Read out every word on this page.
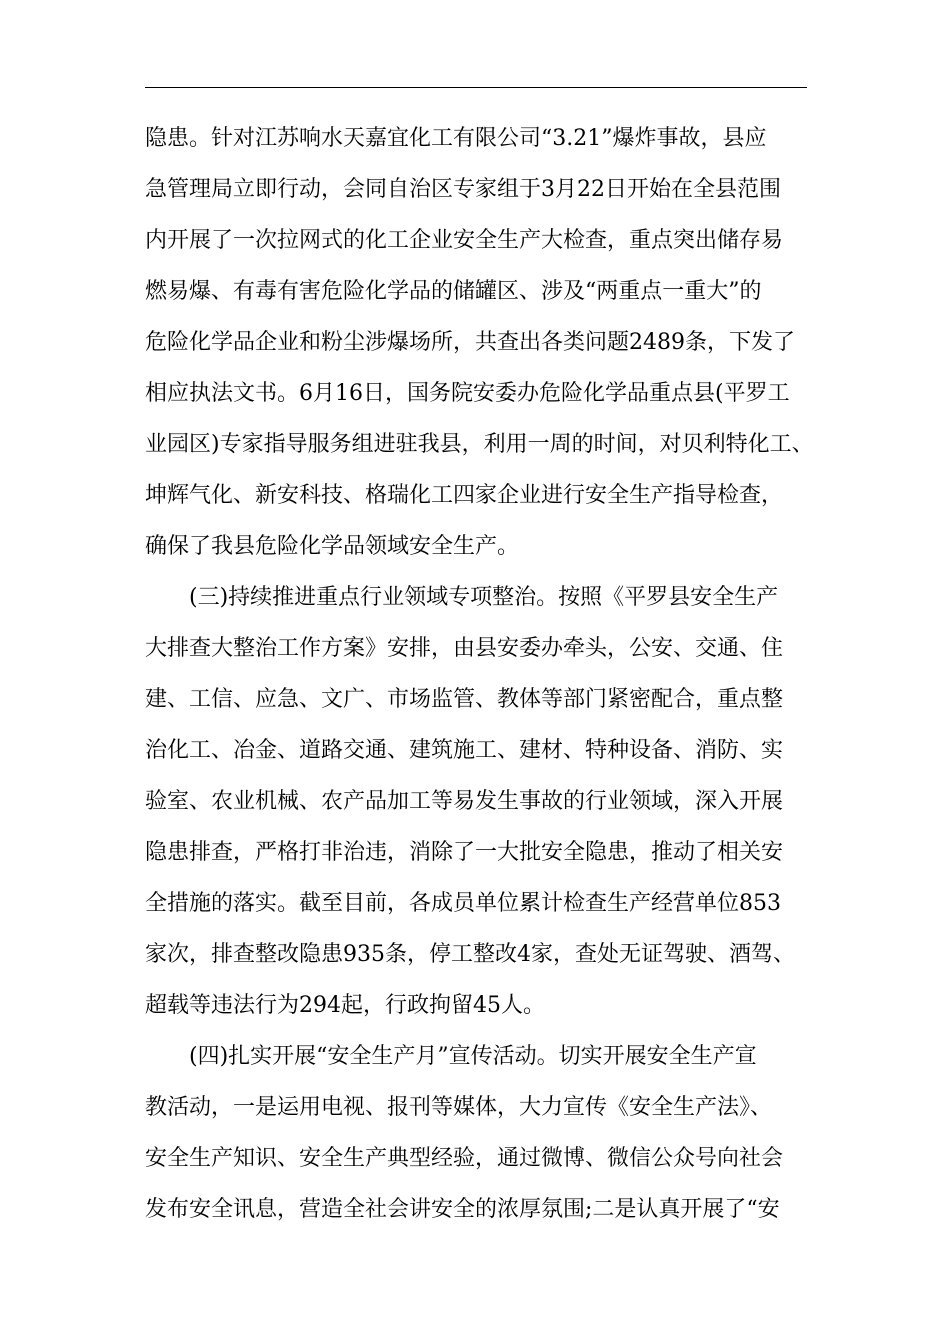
隐患。针对江苏响水天嘉宜化工有限公司“3.21”爆炸事故，县应
急管理局立即行动，会同自治区专家组于3月22日开始在全县范围
内开展了一次拉网式的化工企业安全生产大检查，重点突出储存易
燃易爆、有毒有害危险化学品的储罐区、涉及“两重点一重大”的
危险化学品企业和粉尘涉爆场所，共查出各类问题2489条，下发了
相应执法文书。6月16日，国务院安委办危险化学品重点县(平罗工
业园区)专家指导服务组进驻我县，利用一周的时间，对贝利特化工、
坤辉气化、新安科技、格瑞化工四家企业进行安全生产指导检查，
确保了我县危险化学品领域安全生产。
(三)持续推进重点行业领域专项整治。按照《平罗县安全生产
大排查大整治工作方案》安排，由县安委办牵头，公安、交通、住
建、工信、应急、文广、市场监管、教体等部门紧密配合，重点整
治化工、冶金、道路交通、建筑施工、建材、特种设备、消防、实
验室、农业机械、农产品加工等易发生事故的行业领域，深入开展
隐患排查，严格打非治违，消除了一大批安全隐患，推动了相关安
全措施的落实。截至目前，各成员单位累计检查生产经营单位853
家次，排查整改隐患935条，停工整改4家，查处无证驾驶、酒驾、
超载等违法行为294起，行政拘留45人。
(四)扎实开展“安全生产月”宣传活动。切实开展安全生产宣
教活动，一是运用电视、报刊等媒体，大力宣传《安全生产法》、
安全生产知识、安全生产典型经验，通过微博、微信公众号向社会
发布安全讯息，营造全社会讲安全的浓厚氛围;二是认真开展了“安
